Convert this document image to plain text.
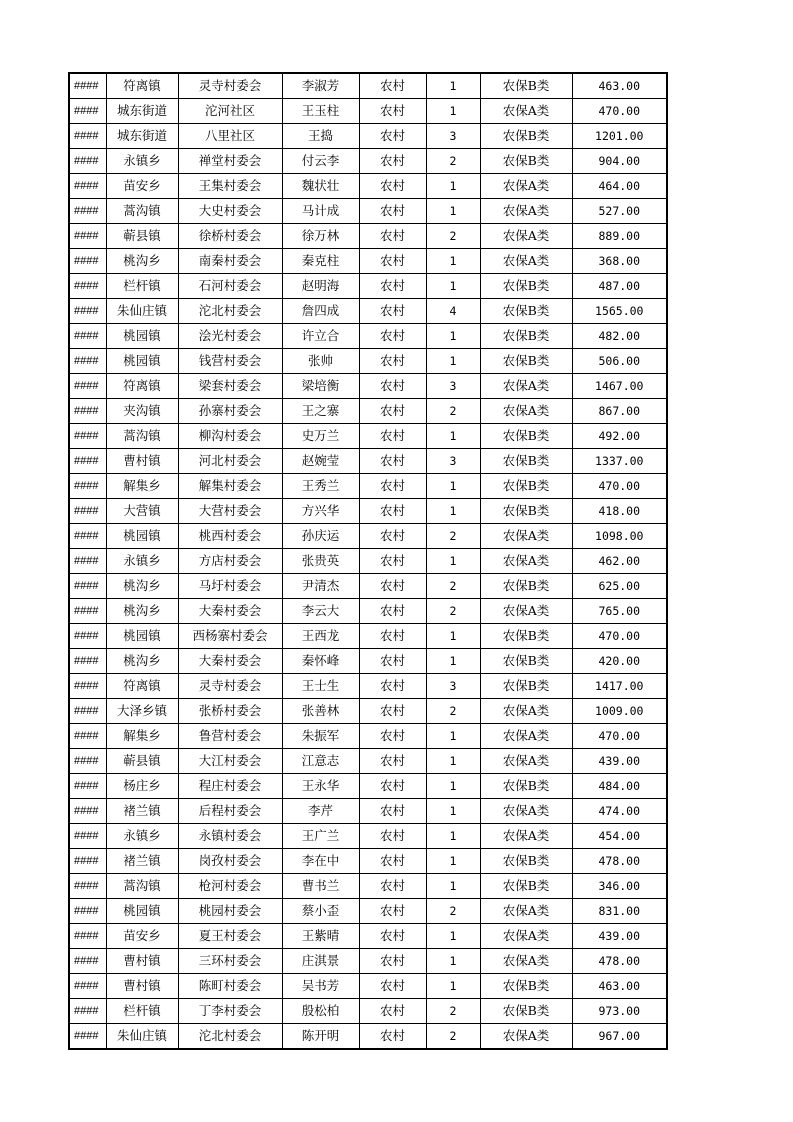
####	符离镇	灵寺村委会	李淑芳	农村	1	农保B类	463.00
####	城东街道	沱河社区	王玉柱	农村	1	农保A类	470.00
####	城东街道	八里社区	王捣	农村	3	农保B类	1201.00
####	永镇乡	禅堂村委会	付云李	农村	2	农保B类	904.00
####	苗安乡	王集村委会	魏状壮	农村	1	农保A类	464.00
####	蒿沟镇	大史村委会	马计成	农村	1	农保A类	527.00
####	蕲县镇	徐桥村委会	徐万林	农村	2	农保A类	889.00
####	桃沟乡	南秦村委会	秦克柱	农村	1	农保A类	368.00
####	栏杆镇	石河村委会	赵明海	农村	1	农保B类	487.00
####	朱仙庄镇	沱北村委会	詹四成	农村	4	农保B类	1565.00
####	桃园镇	浍光村委会	许立合	农村	1	农保B类	482.00
####	桃园镇	钱营村委会	张帅	农村	1	农保B类	506.00
####	符离镇	梁套村委会	梁培衡	农村	3	农保A类	1467.00
####	夹沟镇	孙寨村委会	王之寨	农村	2	农保A类	867.00
####	蒿沟镇	柳沟村委会	史万兰	农村	1	农保B类	492.00
####	曹村镇	河北村委会	赵婉莹	农村	3	农保B类	1337.00
####	解集乡	解集村委会	王秀兰	农村	1	农保B类	470.00
####	大营镇	大营村委会	方兴华	农村	1	农保B类	418.00
####	桃园镇	桃西村委会	孙庆运	农村	2	农保A类	1098.00
####	永镇乡	方店村委会	张贵英	农村	1	农保A类	462.00
####	桃沟乡	马圩村委会	尹清杰	农村	2	农保B类	625.00
####	桃沟乡	大秦村委会	李云大	农村	2	农保A类	765.00
####	桃园镇	西杨寨村委会	王西龙	农村	1	农保B类	470.00
####	桃沟乡	大秦村委会	秦怀峰	农村	1	农保B类	420.00
####	符离镇	灵寺村委会	王士生	农村	3	农保B类	1417.00
####	大泽乡镇	张桥村委会	张善林	农村	2	农保A类	1009.00
####	解集乡	鲁营村委会	朱振军	农村	1	农保A类	470.00
####	蕲县镇	大江村委会	江意志	农村	1	农保A类	439.00
####	杨庄乡	程庄村委会	王永华	农村	1	农保B类	484.00
####	褚兰镇	后程村委会	李芹	农村	1	农保A类	474.00
####	永镇乡	永镇村委会	王广兰	农村	1	农保A类	454.00
####	褚兰镇	岗孜村委会	李在中	农村	1	农保B类	478.00
####	蒿沟镇	枪河村委会	曹书兰	农村	1	农保B类	346.00
####	桃园镇	桃园村委会	蔡小歪	农村	2	农保A类	831.00
####	苗安乡	夏王村委会	王紫晴	农村	1	农保A类	439.00
####	曹村镇	三环村委会	庄淇景	农村	1	农保A类	478.00
####	曹村镇	陈町村委会	吴书芳	农村	1	农保B类	463.00
####	栏杆镇	丁李村委会	殷松柏	农村	2	农保B类	973.00
####	朱仙庄镇	沱北村委会	陈开明	农村	2	农保A类	967.00
